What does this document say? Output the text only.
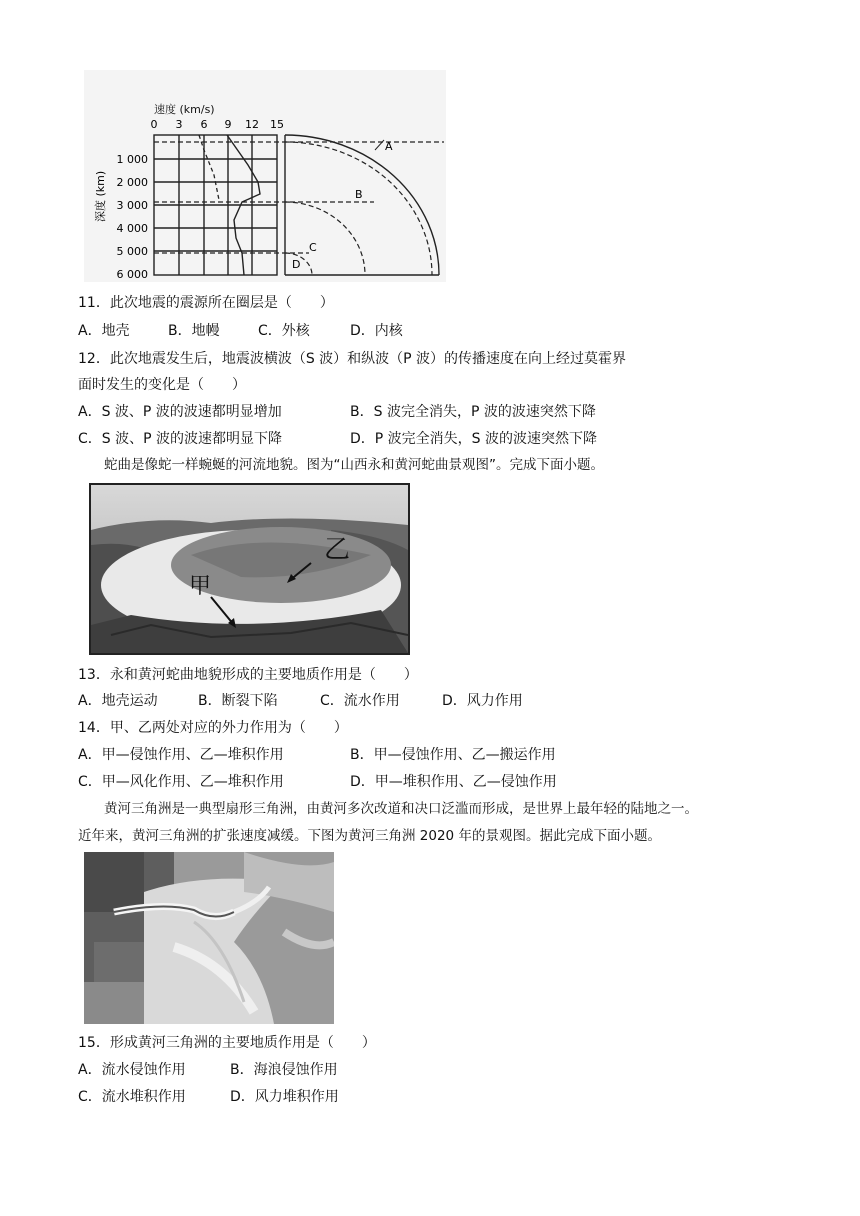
速度 (km/s)
0 3 6 9 12 15
深度 (km)
1 000
2 000
3 000
4 000
5 000
6 000
A
B
C
D
11．此次地震的震源所在圈层是（　　）
A．地壳	B．地幔	C．外核	D．内核
12．此次地震发生后，地震波横波（S 波）和纵波（P 波）的传播速度在向上经过莫霍界
面时发生的变化是（　　）
A．S 波、P 波的波速都明显增加	B．S 波完全消失，P 波的波速突然下降
C．S 波、P 波的波速都明显下降	D．P 波完全消失，S 波的波速突然下降
蛇曲是像蛇一样蜿蜒的河流地貌。图为“山西永和黄河蛇曲景观图”。完成下面小题。
乙
甲
13．永和黄河蛇曲地貌形成的主要地质作用是（　　）
A．地壳运动	B．断裂下陷	C．流水作用	D．风力作用
14．甲、乙两处对应的外力作用为（　　）
A．甲—侵蚀作用、乙—堆积作用	B．甲—侵蚀作用、乙—搬运作用
C．甲—风化作用、乙—堆积作用	D．甲—堆积作用、乙—侵蚀作用
黄河三角洲是一典型扇形三角洲，由黄河多次改道和决口泛滥而形成，是世界上最年轻的陆地之一。
近年来，黄河三角洲的扩张速度减缓。下图为黄河三角洲 2020 年的景观图。据此完成下面小题。
15．形成黄河三角洲的主要地质作用是（　　）
A．流水侵蚀作用	B．海浪侵蚀作用
C．流水堆积作用	D．风力堆积作用
